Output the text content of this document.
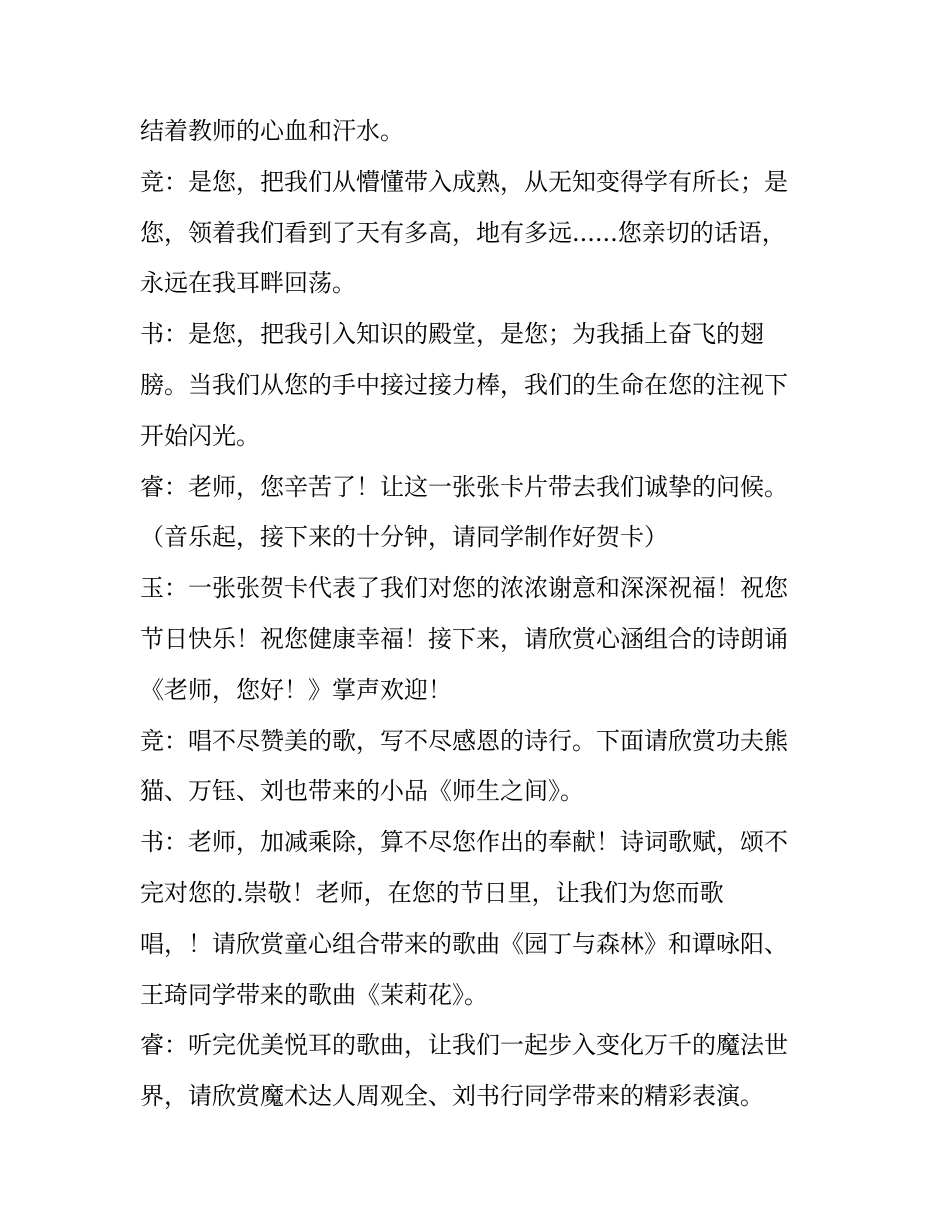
结着教师的心血和汗水。
竞：是您，把我们从懵懂带入成熟，从无知变得学有所长；是
您，领着我们看到了天有多高，地有多远......您亲切的话语，
永远在我耳畔回荡。
书：是您，把我引入知识的殿堂，是您；为我插上奋飞的翅
膀。当我们从您的手中接过接力棒，我们的生命在您的注视下
开始闪光。
睿：老师，您辛苦了！让这一张张卡片带去我们诚挚的问候。
（音乐起，接下来的十分钟，请同学制作好贺卡）
玉：一张张贺卡代表了我们对您的浓浓谢意和深深祝福！祝您
节日快乐！祝您健康幸福！接下来，请欣赏心涵组合的诗朗诵
《老师，您好！》掌声欢迎！
竞：唱不尽赞美的歌，写不尽感恩的诗行。下面请欣赏功夫熊
猫、万钰、刘也带来的小品《师生之间》。
书：老师，加减乘除，算不尽您作出的奉献！诗词歌赋，颂不
完对您的.崇敬！老师，在您的节日里，让我们为您而歌
唱，！请欣赏童心组合带来的歌曲《园丁与森林》和谭咏阳、
王琦同学带来的歌曲《茉莉花》。
睿：听完优美悦耳的歌曲，让我们一起步入变化万千的魔法世
界，请欣赏魔术达人周观全、刘书行同学带来的精彩表演。
